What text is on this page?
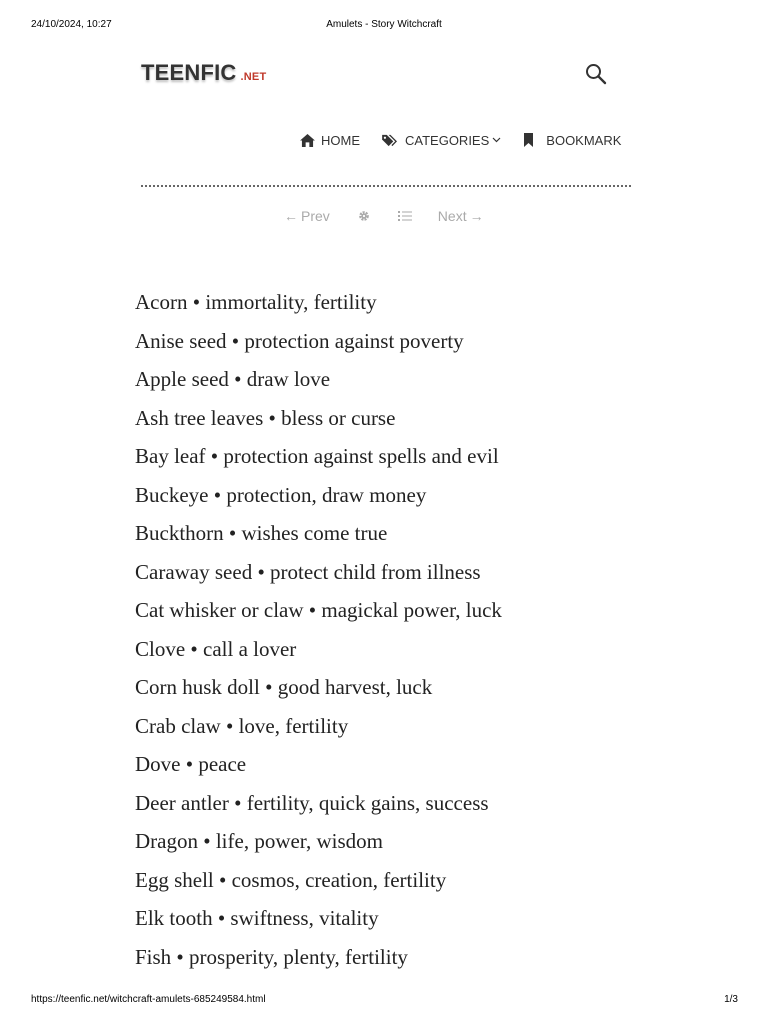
24/10/2024, 10:27	Amulets - Story Witchcraft
TEENFIC .NET
HOME	CATEGORIES	BOOKMARK
← Prev	Next →

Acorn • immortality, fertility

Anise seed • protection against poverty

Apple seed • draw love

Ash tree leaves • bless or curse

Bay leaf • protection against spells and evil

Buckeye • protection, draw money

Buckthorn • wishes come true

Caraway seed • protect child from illness

Cat whisker or claw • magickal power, luck

Clove • call a lover

Corn husk doll • good harvest, luck

Crab claw • love, fertility

Dove • peace

Deer antler • fertility, quick gains, success

Dragon • life, power, wisdom

Egg shell • cosmos, creation, fertility

Elk tooth • swiftness, vitality

Fish • prosperity, plenty, fertility

https://teenfic.net/witchcraft-amulets-685249584.html	1/3
